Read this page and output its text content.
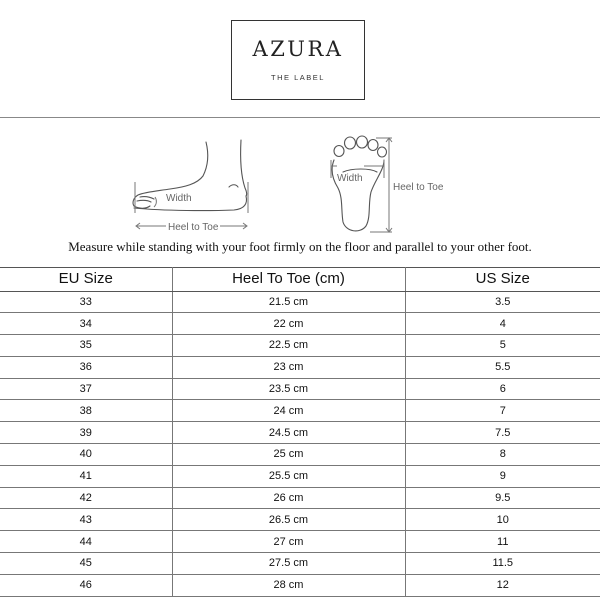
AZURA
THE LABEL
Width
Heel to Toe
Width
Heel to Toe
Measure while standing with your foot firmly on the floor and parallel to your other foot.
EU Size	Heel To Toe (cm)	US Size
33	21.5 cm	3.5
34	22 cm	4
35	22.5 cm	5
36	23 cm	5.5
37	23.5 cm	6
38	24 cm	7
39	24.5 cm	7.5
40	25 cm	8
41	25.5 cm	9
42	26 cm	9.5
43	26.5 cm	10
44	27 cm	11
45	27.5 cm	11.5
46	28 cm	12
